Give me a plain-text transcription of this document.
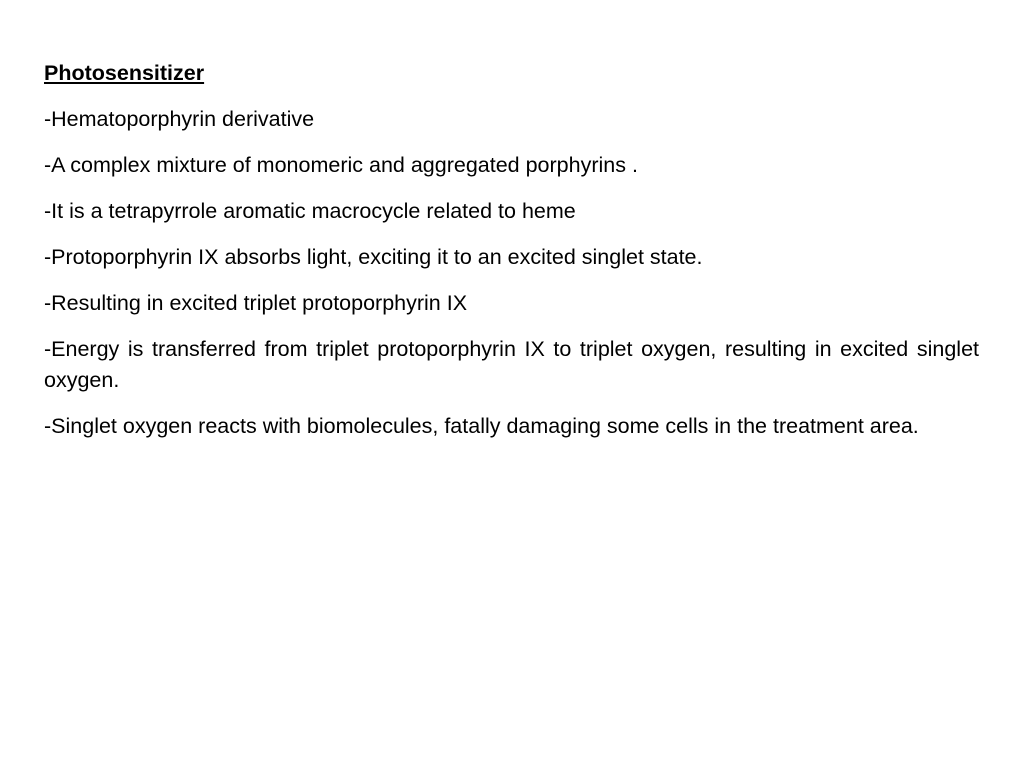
Photosensitizer

-Hematoporphyrin derivative

-A complex mixture of monomeric and aggregated porphyrins .

-It is a tetrapyrrole aromatic macrocycle related to heme

-Protoporphyrin IX absorbs light, exciting it to an excited singlet state.

-Resulting in excited triplet protoporphyrin IX

-Energy is transferred from triplet protoporphyrin IX to triplet oxygen, resulting in excited singlet oxygen.

-Singlet oxygen reacts with biomolecules, fatally damaging some cells in the treatment area.
